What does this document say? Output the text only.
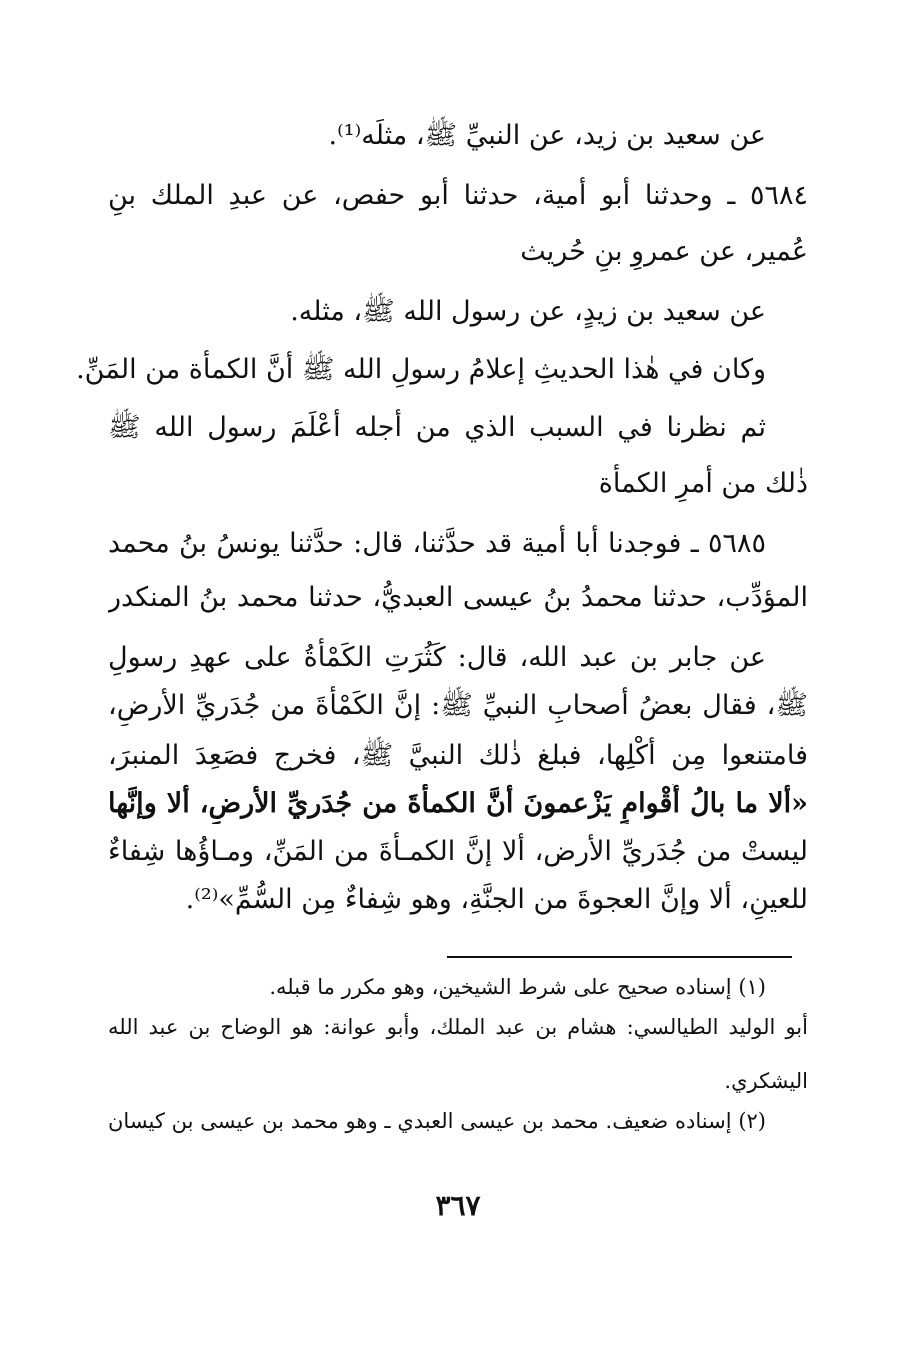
عن سعيد بن زيد، عن النبيِّ ﷺ، مثلَه⁽¹⁾.
٥٦٨٤ ـ وحدثنا أبو أمية، حدثنا أبو حفص، عن عبدِ الملك بنِ
عُمير، عن عمروِ بنِ حُريث
عن سعيد بن زيدٍ، عن رسول الله ﷺ، مثله.
وكان في هٰذا الحديثِ إعلامُ رسولِ الله ﷺ أنَّ الكمأة من المَنِّ.
ثم نظرنا في السبب الذي من أجله أَعْلَمَ رسول الله ﷺ
ذٰلك من أمرِ الكمأة
٥٦٨٥ ـ فوجدنا أبا أمية قد حدَّثنا، قال: حدَّثنا يونسُ بنُ محمد
المؤدِّب، حدثنا محمدُ بنُ عيسى العبديُّ، حدثنا محمد بنُ المنكدر
عن جابر بن عبد الله، قال: كَثُرَتِ الكَمْأةُ على عهدِ رسولِ
ﷺ، فقال بعضُ أصحابِ النبيِّ ﷺ: إنَّ الكَمْأةَ من جُدَريِّ الأرضِ،
فامتنعوا مِن أَكْلِها، فبلغ ذٰلك النبيَّ ﷺ، فخرج فصَعِدَ المنبرَ،
«ألا ما بالُ أَقْوامٍ يَزْعمونَ أنَّ الكمأةَ من جُدَريِّ الأرضِ، ألا وإنَّها
ليستْ من جُدَريِّ الأرض، ألا إنَّ الكمـأةَ من المَنِّ، ومـاؤُها شِفاءٌ
للعينِ، ألا وإنَّ العجوةَ من الجنَّةِ، وهو شِفاءٌ مِن السُّمِّ»⁽²⁾.
(١) إسناده صحيح على شرط الشيخين، وهو مكرر ما قبله.
أبو الوليد الطيالسي: هشام بن عبد الملك، وأبو عوانة: هو الوضاح بن عبد الله
اليشكري.
(٢) إسناده ضعيف. محمد بن عيسى العبدي ـ وهو محمد بن عيسى بن كيسان
٣٦٧
